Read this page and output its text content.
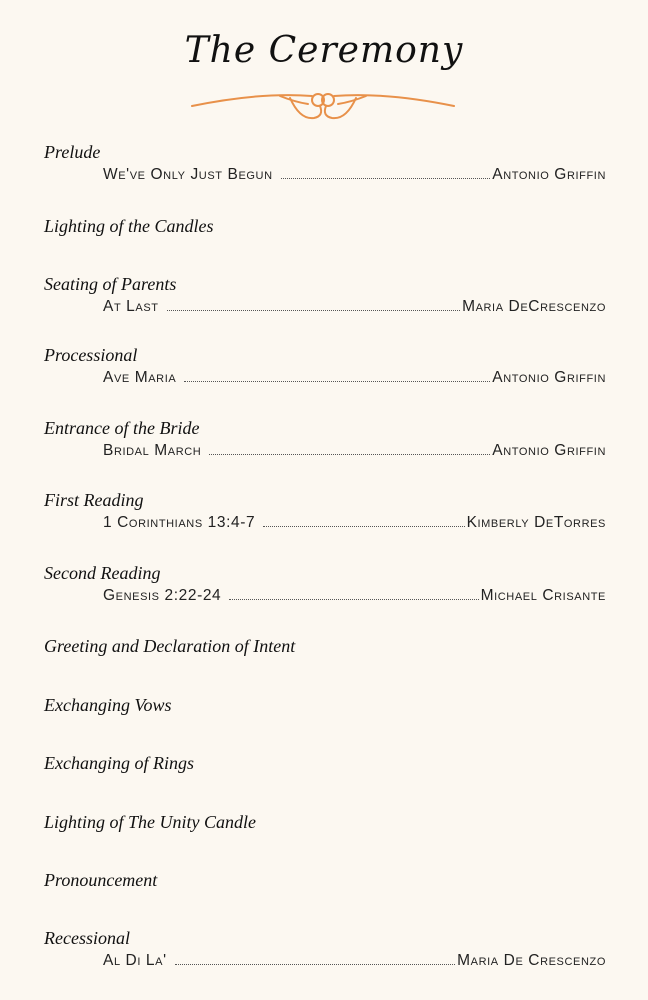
The Ceremony
Prelude
We've Only Just Begun	Antonio Griffin
Lighting of the Candles
Seating of Parents
At Last	Maria DeCrescenzo
Processional
Ave Maria	Antonio Griffin
Entrance of the Bride
Bridal March	Antonio Griffin
First Reading
1 Corinthians 13:4-7	Kimberly DeTorres
Second Reading
Genesis 2:22-24	Michael Crisante
Greeting and Declaration of Intent
Exchanging Vows
Exchanging of Rings
Lighting of The Unity Candle
Pronouncement
Recessional
Al Di La'	Maria De Crescenzo
